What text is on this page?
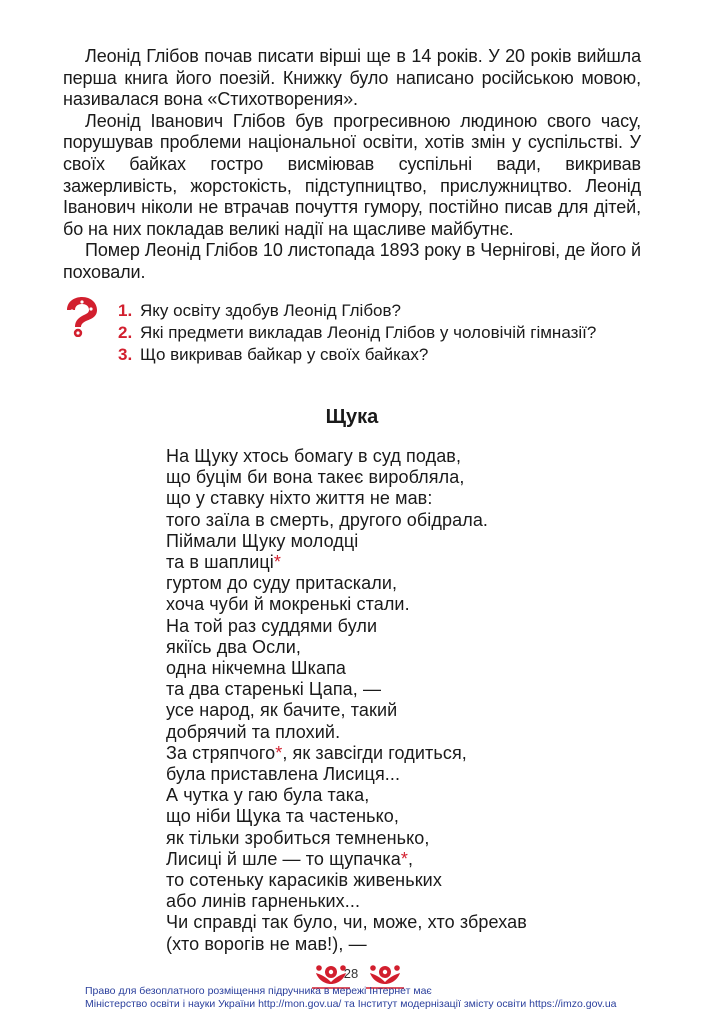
Леонід Глібов почав писати вірші ще в 14 років. У 20 років вийшла перша книга його поезій. Книжку було написано російською мовою, називалася вона «Стихотворения».

Леонід Іванович Глібов був прогресивною людиною свого часу, порушував проблеми національної освіти, хотів змін у суспільстві. У своїх байках гостро висміював суспільні вади, викривав зажерливість, жорстокість, підступництво, прислужництво. Леонід Іванович ніколи не втрачав почуття гумору, постійно писав для дітей, бо на них покладав великі надії на щасливе майбутнє.

Помер Леонід Глібов 10 листопада 1893 року в Чернігові, де його й поховали.

1. Яку освіту здобув Леонід Глібов?
2. Які предмети викладав Леонід Глібов у чоловічій гімназії?
3. Що викривав байкар у своїх байках?
Щука
На Щуку хтось бомагу в суд подав,
що буцім би вона такеє виробляла,
що у ставку ніхто життя не мав:
того заїла в смерть, другого обідрала.
Піймали Щуку молодці
та в шаплиці*
гуртом до суду притаскали,
хоча чуби й мокренькі стали.
На той раз суддями були
якіїсь два Осли,
одна нікчемна Шкапа
та два старенькі Цапа, —
усе народ, як бачите, такий
добрячий та плохий.
За стряпчого*, як завсігди годиться,
була приставлена Лисиця...
А чутка у гаю була така,
що ніби Щука та частенько,
як тільки зробиться темненько,
Лисиці й шле — то щупачка*,
то сотеньку карасиків живеньких
або линів гарненьких...
Чи справді так було, чи, може, хто збрехав
(хто ворогів не мав!), —
28
Право для безоплатного розміщення підручника в мережі Інтернет має
Міністерство освіти і науки України http://mon.gov.ua/ та Інститут модернізації змісту освіти https://imzo.gov.ua
